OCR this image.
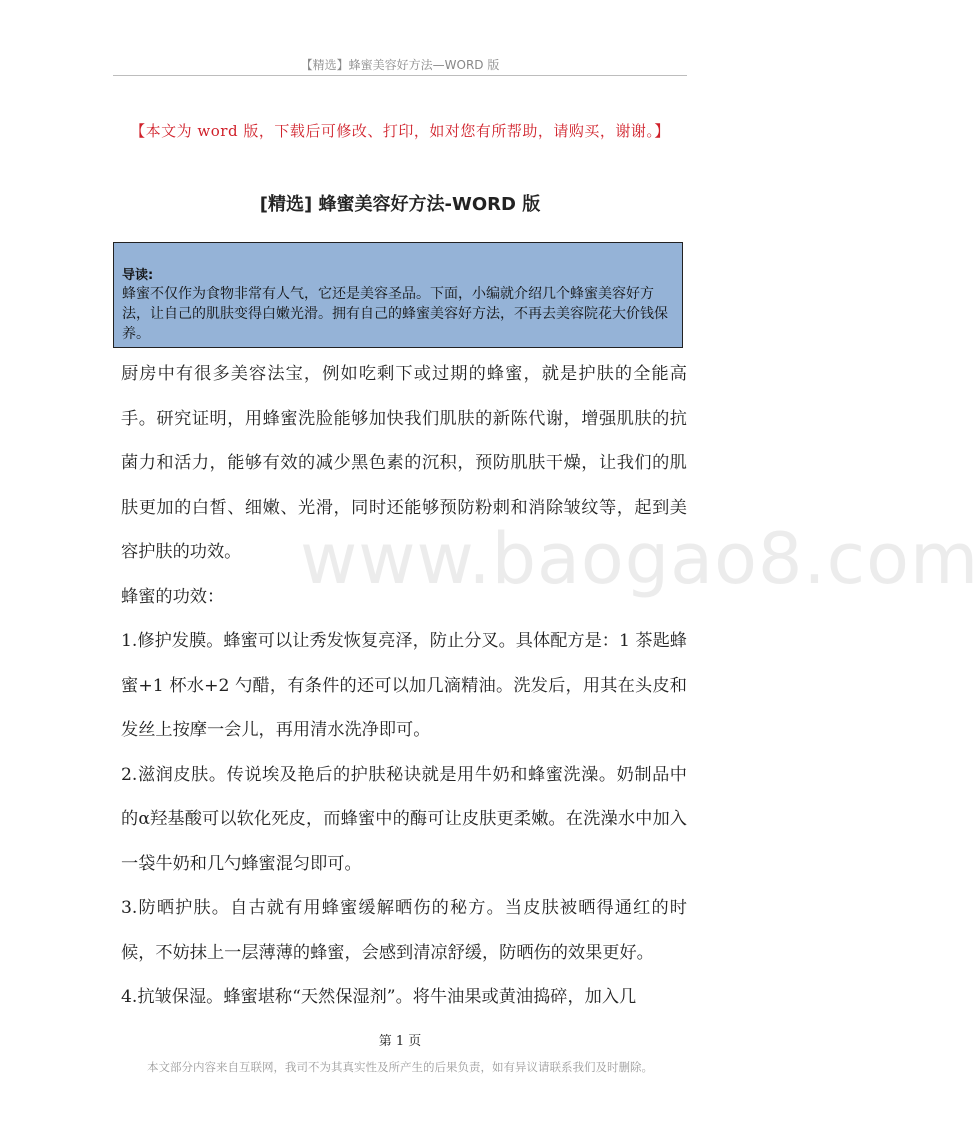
【精选】蜂蜜美容好方法—WORD 版
【本文为 word 版，下载后可修改、打印，如对您有所帮助，请购买，谢谢。】
[精选] 蜂蜜美容好方法-WORD 版
导读:
蜂蜜不仅作为食物非常有人气，它还是美容圣品。下面，小编就介绍几个蜂蜜美容好方法，让自己的肌肤变得白嫩光滑。拥有自己的蜂蜜美容好方法，不再去美容院花大价钱保养。
www.baogao8.com

厨房中有很多美容法宝，例如吃剩下或过期的蜂蜜，就是护肤的全能高手。研究证明，用蜂蜜洗脸能够加快我们肌肤的新陈代谢，增强肌肤的抗菌力和活力，能够有效的减少黑色素的沉积，预防肌肤干燥，让我们的肌肤更加的白皙、细嫩、光滑，同时还能够预防粉刺和消除皱纹等，起到美容护肤的功效。

蜂蜜的功效：

1.修护发膜。蜂蜜可以让秀发恢复亮泽，防止分叉。具体配方是：1 茶匙蜂蜜+1 杯水+2 勺醋，有条件的还可以加几滴精油。洗发后，用其在头皮和发丝上按摩一会儿，再用清水洗净即可。

2.滋润皮肤。传说埃及艳后的护肤秘诀就是用牛奶和蜂蜜洗澡。奶制品中的α羟基酸可以软化死皮，而蜂蜜中的酶可让皮肤更柔嫩。在洗澡水中加入一袋牛奶和几勺蜂蜜混匀即可。

3.防晒护肤。自古就有用蜂蜜缓解晒伤的秘方。当皮肤被晒得通红的时候，不妨抹上一层薄薄的蜂蜜，会感到清凉舒缓，防晒伤的效果更好。

4.抗皱保湿。蜂蜜堪称“天然保湿剂”。将牛油果或黄油捣碎，加入几

第 1 页
本文部分内容来自互联网，我司不为其真实性及所产生的后果负责，如有异议请联系我们及时删除。
